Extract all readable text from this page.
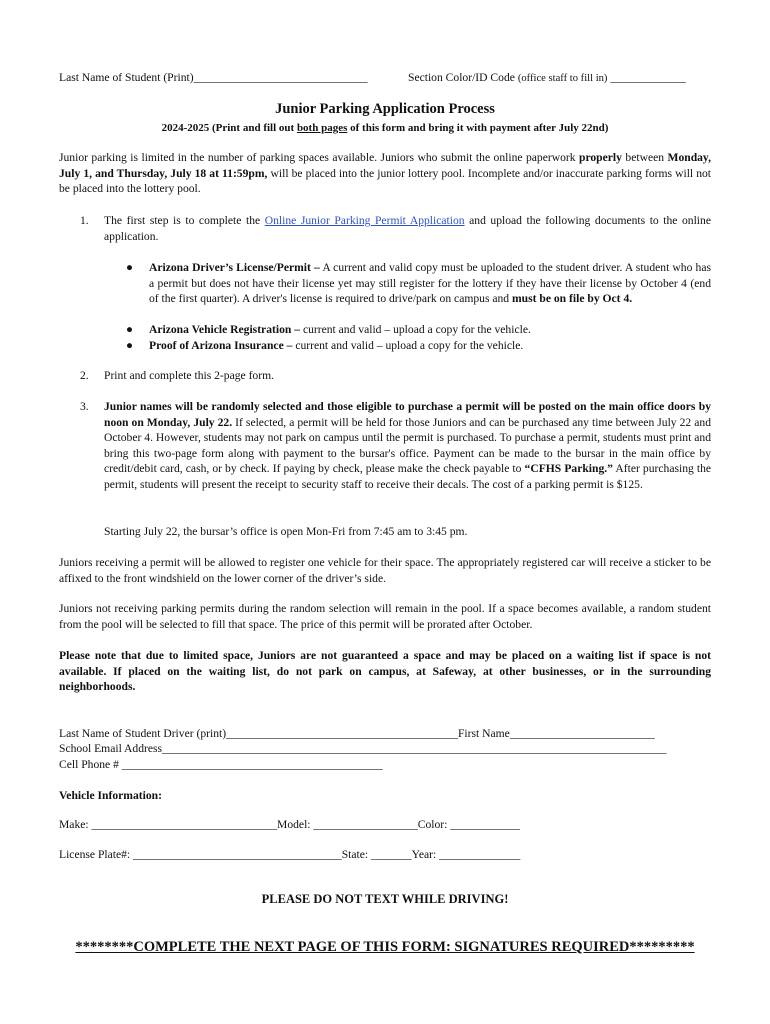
Last Name of Student (Print)______________________________	Section Color/ID Code (office staff to fill in) _____________
Junior Parking Application Process
2024-2025 (Print and fill out both pages of this form and bring it with payment after July 22nd)
Junior parking is limited in the number of parking spaces available. Juniors who submit the online paperwork properly between Monday, July 1, and Thursday, July 18 at 11:59pm, will be placed into the junior lottery pool. Incomplete and/or inaccurate parking forms will not be placed into the lottery pool.
1.	The first step is to complete the Online Junior Parking Permit Application and upload the following documents to the online application.
●	Arizona Driver’s License/Permit – A current and valid copy must be uploaded to the student driver. A student who has a permit but does not have their license yet may still register for the lottery if they have their license by October 4 (end of the first quarter). A driver's license is required to drive/park on campus and must be on file by Oct 4.
●	Arizona Vehicle Registration – current and valid – upload a copy for the vehicle.
●	Proof of Arizona Insurance – current and valid – upload a copy for the vehicle.
2.	Print and complete this 2-page form.
3.	Junior names will be randomly selected and those eligible to purchase a permit will be posted on the main office doors by noon on Monday, July 22. If selected, a permit will be held for those Juniors and can be purchased any time between July 22 and October 4. However, students may not park on campus until the permit is purchased. To purchase a permit, students must print and bring this two-page form along with payment to the bursar's office. Payment can be made to the bursar in the main office by credit/debit card, cash, or by check. If paying by check, please make the check payable to “CFHS Parking.” After purchasing the permit, students will present the receipt to security staff to receive their decals. The cost of a parking permit is $125.
Starting July 22, the bursar’s office is open Mon-Fri from 7:45 am to 3:45 pm.
Juniors receiving a permit will be allowed to register one vehicle for their space. The appropriately registered car will receive a sticker to be affixed to the front windshield on the lower corner of the driver’s side.
Juniors not receiving parking permits during the random selection will remain in the pool. If a space becomes available, a random student from the pool will be selected to fill that space. The price of this permit will be prorated after October.
Please note that due to limited space, Juniors are not guaranteed a space and may be placed on a waiting list if space is not available. If placed on the waiting list, do not park on campus, at Safeway, at other businesses, or in the surrounding neighborhoods.
Last Name of Student Driver (print)________________________________________First Name_________________________
School Email Address_______________________________________________________________________________________
Cell Phone # _____________________________________________
Vehicle Information:
Make: ________________________________Model: __________________Color: ____________
License Plate#: ____________________________________State: _______Year: ______________
PLEASE DO NOT TEXT WHILE DRIVING!
********COMPLETE THE NEXT PAGE OF THIS FORM: SIGNATURES REQUIRED*********
